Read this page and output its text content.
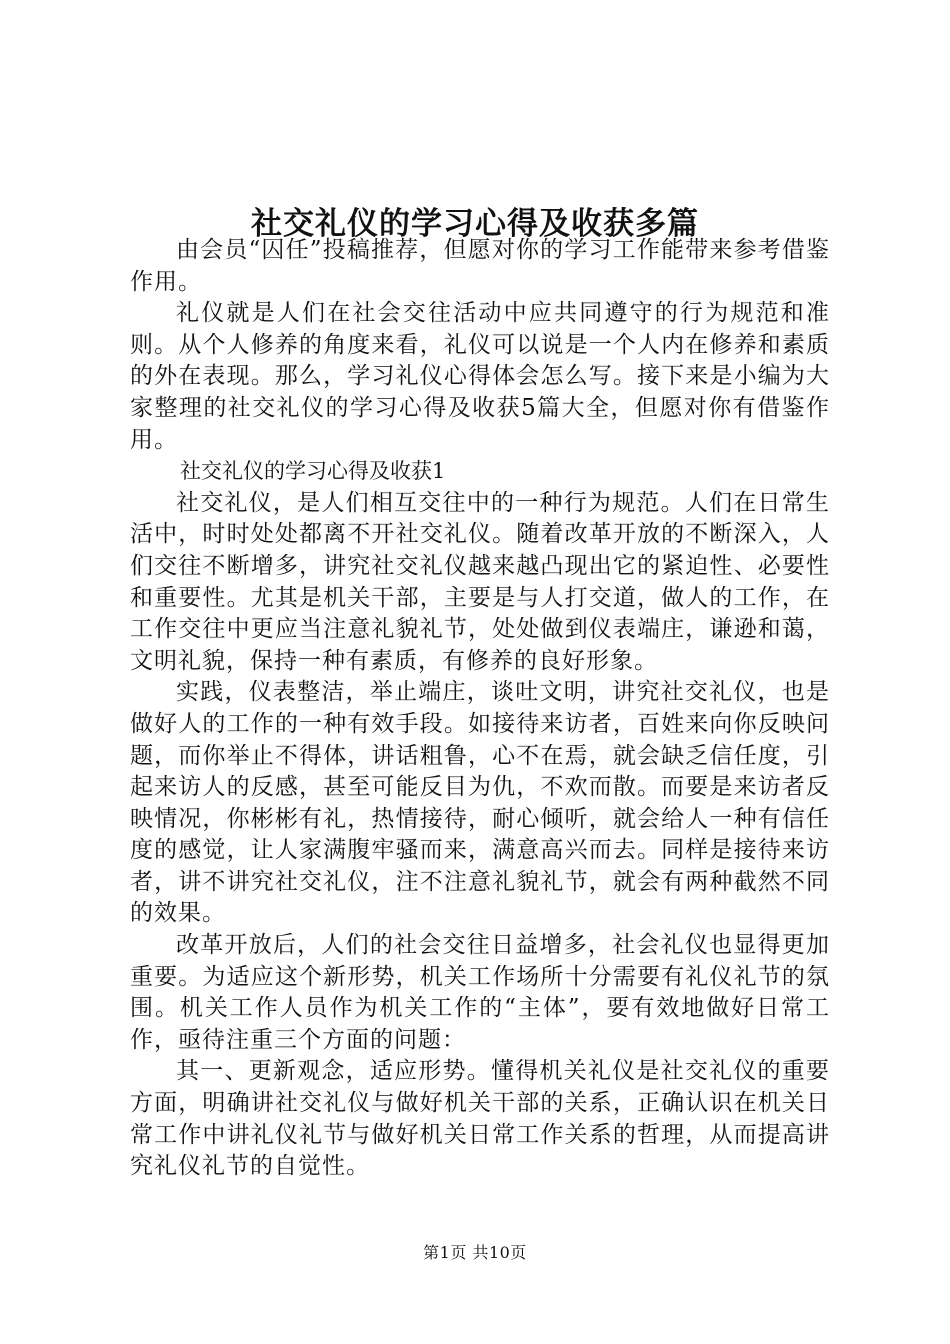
社交礼仪的学习心得及收获多篇

由会员“囚任”投稿推荐，但愿对你的学习工作能带来参考借鉴作用。

礼仪就是人们在社会交往活动中应共同遵守的行为规范和准则。从个人修养的角度来看，礼仪可以说是一个人内在修养和素质的外在表现。那么，学习礼仪心得体会怎么写。接下来是小编为大家整理的社交礼仪的学习心得及收获5篇大全，但愿对你有借鉴作用。

社交礼仪的学习心得及收获1

社交礼仪，是人们相互交往中的一种行为规范。人们在日常生活中，时时处处都离不开社交礼仪。随着改革开放的不断深入，人们交往不断增多，讲究社交礼仪越来越凸现出它的紧迫性、必要性和重要性。尤其是机关干部，主要是与人打交道，做人的工作，在工作交往中更应当注意礼貌礼节，处处做到仪表端庄，谦逊和蔼，文明礼貌，保持一种有素质，有修养的良好形象。

实践，仪表整洁，举止端庄，谈吐文明，讲究社交礼仪，也是做好人的工作的一种有效手段。如接待来访者，百姓来向你反映问题，而你举止不得体，讲话粗鲁，心不在焉，就会缺乏信任度，引起来访人的反感，甚至可能反目为仇，不欢而散。而要是来访者反映情况，你彬彬有礼，热情接待，耐心倾听，就会给人一种有信任度的感觉，让人家满腹牢骚而来，满意高兴而去。同样是接待来访者，讲不讲究社交礼仪，注不注意礼貌礼节，就会有两种截然不同的效果。

改革开放后，人们的社会交往日益增多，社会礼仪也显得更加重要。为适应这个新形势，机关工作场所十分需要有礼仪礼节的氛围。机关工作人员作为机关工作的“主体”，要有效地做好日常工作，亟待注重三个方面的问题：

其一、更新观念，适应形势。懂得机关礼仪是社交礼仪的重要方面，明确讲社交礼仪与做好机关干部的关系，正确认识在机关日常工作中讲礼仪礼节与做好机关日常工作关系的哲理，从而提高讲究礼仪礼节的自觉性。

第1页 共10页
